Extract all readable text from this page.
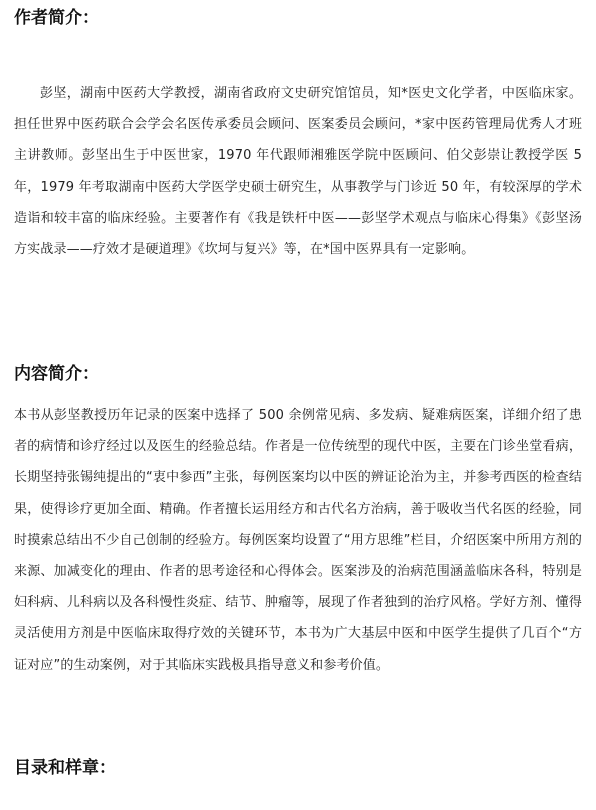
作者简介：

彭坚，湖南中医药大学教授，湖南省政府文史研究馆馆员，知*医史文化学者，中医临床家。担任世界中医药联合会学会名医传承委员会顾问、医案委员会顾问，*家中医药管理局优秀人才班主讲教师。彭坚出生于中医世家，1970 年代跟师湘雅医学院中医顾问、伯父彭崇让教授学医 5 年，1979 年考取湖南中医药大学医学史硕士研究生，从事教学与门诊近 50 年，有较深厚的学术造诣和较丰富的临床经验。主要著作有《我是铁杆中医——彭坚学术观点与临床心得集》《彭坚汤方实战录——疗效才是硬道理》《坎坷与复兴》等，在*国中医界具有一定影响。

内容简介：

本书从彭坚教授历年记录的医案中选择了 500 余例常见病、多发病、疑难病医案，详细介绍了患者的病情和诊疗经过以及医生的经验总结。作者是一位传统型的现代中医，主要在门诊坐堂看病，长期坚持张锡纯提出的“衷中参西”主张，每例医案均以中医的辨证论治为主，并参考西医的检查结果，使得诊疗更加全面、精确。作者擅长运用经方和古代名方治病，善于吸收当代名医的经验，同时摸索总结出不少自己创制的经验方。每例医案均设置了“用方思维”栏目，介绍医案中所用方剂的来源、加减变化的理由、作者的思考途径和心得体会。医案涉及的治病范围涵盖临床各科，特别是妇科病、儿科病以及各科慢性炎症、结节、肿瘤等，展现了作者独到的治疗风格。学好方剂、懂得灵活使用方剂是中医临床取得疗效的关键环节，本书为广大基层中医和中医学生提供了几百个“方证对应”的生动案例，对于其临床实践极具指导意义和参考价值。

目录和样章：
